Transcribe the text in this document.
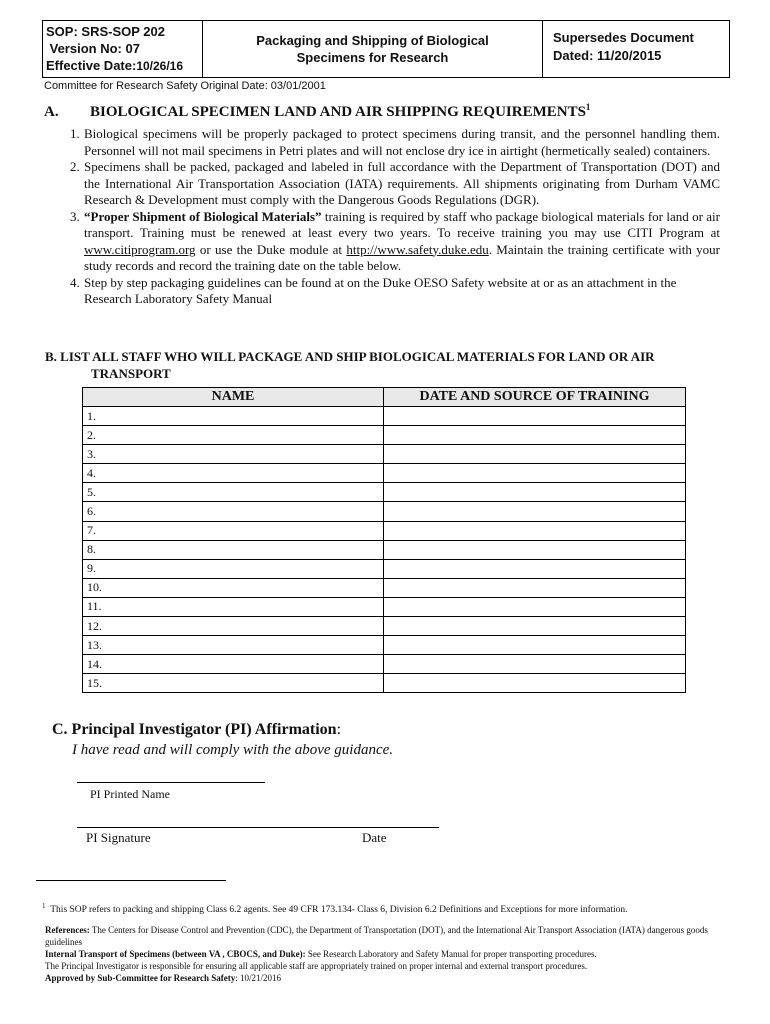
SOP: SRS-SOP 202
Version No: 07
Effective Date:10/26/16
Packaging and Shipping of Biological
Specimens for Research
Supersedes Document
Dated: 11/20/2015
Committee for Research Safety Original Date: 03/01/2001
A. BIOLOGICAL SPECIMEN LAND AND AIR SHIPPING REQUIREMENTS$^1$

1. Biological specimens will be properly packaged to protect specimens during transit, and the personnel handling them. Personnel will not mail specimens in Petri plates and will not enclose dry ice in airtight (hermetically sealed) containers.

2. Specimens shall be packed, packaged and labeled in full accordance with the Department of Transportation (DOT) and the International Air Transportation Association (IATA) requirements. All shipments originating from Durham VAMC Research & Development must comply with the Dangerous Goods Regulations (DGR).

3. “Proper Shipment of Biological Materials” training is required by staff who package biological materials for land or air transport. Training must be renewed at least every two years. To receive training you may use CITI Program at www.citiprogram.org or use the Duke module at http://www.safety.duke.edu. Maintain the training certificate with your study records and record the training date on the table below.

4. Step by step packaging guidelines can be found at on the Duke OESO Safety website at or as an attachment in the Research Laboratory Safety Manual

B. LIST ALL STAFF WHO WILL PACKAGE AND SHIP BIOLOGICAL MATERIALS FOR LAND OR AIR
TRANSPORT
NAME	DATE AND SOURCE OF TRAINING
1.	
2.	
3.	
4.	
5.	
6.	
7.	
8.	
9.	
10.	
11.	
12.	
13.	
14.	
15.	
C. Principal Investigator (PI) Affirmation:
I have read and will comply with the above guidance.
PI Printed Name
PI Signature	Date
$^1$ This SOP refers to packing and shipping Class 6.2 agents. See 49 CFR 173.134- Class 6, Division 6.2 Definitions and Exceptions for more information.

References: The Centers for Disease Control and Prevention (CDC), the Department of Transportation (DOT), and the International Air Transport Association (IATA) dangerous goods guidelines

Internal Transport of Specimens (between VA , CBOCS, and Duke): See Research Laboratory and Safety Manual for proper transporting procedures.

The Principal Investigator is responsible for ensuring all applicable staff are appropriately trained on proper internal and external transport procedures.

Approved by Sub-Committee for Research Safety: 10/21/2016
